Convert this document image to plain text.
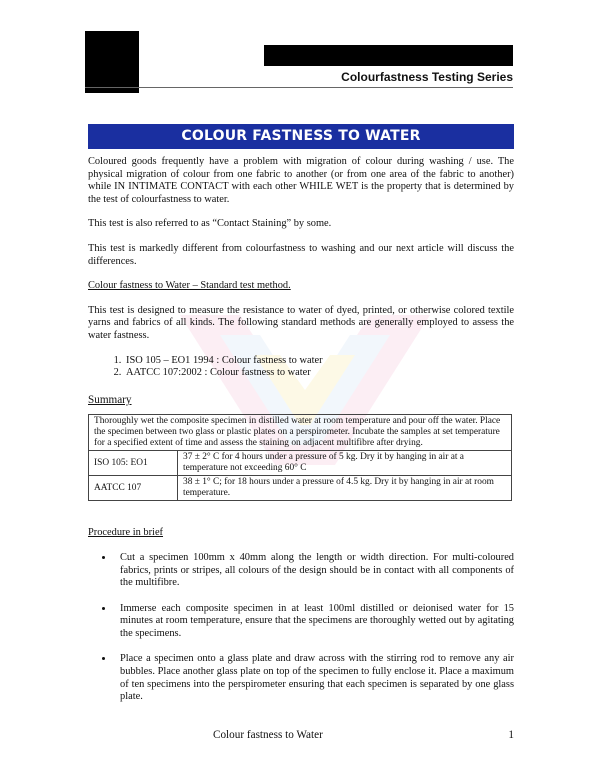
Colourfastness Testing Series
COLOUR FASTNESS TO WATER

Coloured goods frequently have a problem with migration of colour during washing / use. The physical migration of colour from one fabric to another (or from one area of the fabric to another) while IN INTIMATE CONTACT with each other WHILE WET is the property that is determined by the test of colourfastness to water.

This test is also referred to as “Contact Staining” by some.

This test is markedly different from colourfastness to washing and our next article will discuss the differences.

Colour fastness to Water – Standard test method.

This test is designed to measure the resistance to water of dyed, printed, or otherwise colored textile yarns and fabrics of all kinds. The following standard methods are generally employed to assess the water fastness.

1. ISO 105 – EO1 1994 : Colour fastness to water
2. AATCC 107:2002 : Colour fastness to water
Summary
Thoroughly wet the composite specimen in distilled water at room temperature and pour off the water. Place the specimen between two glass or plastic plates on a perspirometer. Incubate the samples at set temperature for a specified extent of time and assess the staining on adjacent multifibre after drying.	
ISO 105: EO1	37 ± 2° C for 4 hours under a pressure of 5 kg. Dry it by hanging in air at a temperature not exceeding 60° C
AATCC 107	38 ± 1° C; for 18 hours under a pressure of 4.5 kg. Dry it by hanging in air at room temperature.
Procedure in brief
• Cut a specimen 100mm x 40mm along the length or width direction. For multi-coloured fabrics, prints or stripes, all colours of the design should be in contact with all components of the multifibre.
• Immerse each composite specimen in at least 100ml distilled or deionised water for 15 minutes at room temperature, ensure that the specimens are thoroughly wetted out by agitating the specimens.
• Place a specimen onto a glass plate and draw across with the stirring rod to remove any air bubbles. Place another glass plate on top of the specimen to fully enclose it. Place a maximum of ten specimens into the perspirometer ensuring that each specimen is separated by one glass plate.
Colour fastness to Water	1
